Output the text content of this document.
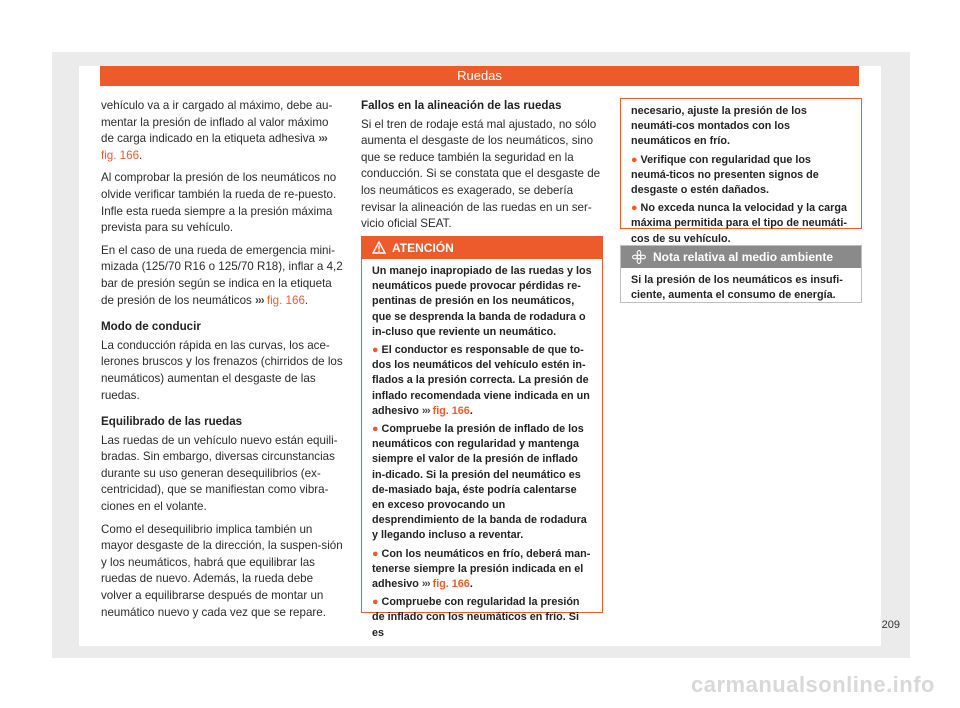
Ruedas

vehículo va a ir cargado al máximo, debe au-mentar la presión de inflado al valor máximo de carga indicado en la etiqueta adhesiva ››› fig. 166.

Al comprobar la presión de los neumáticos no olvide verificar también la rueda de re-puesto. Infle esta rueda siempre a la presión máxima prevista para su vehículo.

En el caso de una rueda de emergencia mini-mizada (125/70 R16 o 125/70 R18), inflar a 4,2 bar de presión según se indica en la etiqueta de presión de los neumáticos ››› fig. 166.

Modo de conducir

La conducción rápida en las curvas, los ace-lerones bruscos y los frenazos (chirridos de los neumáticos) aumentan el desgaste de las ruedas.

Equilibrado de las ruedas

Las ruedas de un vehículo nuevo están equili-bradas. Sin embargo, diversas circunstancias durante su uso generan desequilibrios (ex-centricidad), que se manifiestan como vibra-ciones en el volante.

Como el desequilibrio implica también un mayor desgaste de la dirección, la suspen-sión y los neumáticos, habrá que equilibrar las ruedas de nuevo. Además, la rueda debe volver a equilibrarse después de montar un neumático nuevo y cada vez que se repare.

Fallos en la alineación de las ruedas

Si el tren de rodaje está mal ajustado, no sólo aumenta el desgaste de los neumáticos, sino que se reduce también la seguridad en la conducción. Si se constata que el desgaste de los neumáticos es exagerado, se debería revisar la alineación de las ruedas en un ser-vicio oficial SEAT.

ATENCIÓN

Un manejo inapropiado de las ruedas y los neumáticos puede provocar pérdidas re-pentinas de presión en los neumáticos, que se desprenda la banda de rodadura o in-cluso que reviente un neumático.

● El conductor es responsable de que to-dos los neumáticos del vehículo estén in-flados a la presión correcta. La presión de inflado recomendada viene indicada en un adhesivo ››› fig. 166.

● Compruebe la presión de inflado de los neumáticos con regularidad y mantenga siempre el valor de la presión de inflado in-dicado. Si la presión del neumático es de-masiado baja, éste podría calentarse en exceso provocando un desprendimiento de la banda de rodadura y llegando incluso a reventar.

● Con los neumáticos en frío, deberá man-tenerse siempre la presión indicada en el adhesivo ››› fig. 166.

● Compruebe con regularidad la presión de inflado con los neumáticos en frío. Si es

necesario, ajuste la presión de los neumáti-cos montados con los neumáticos en frío.

● Verifique con regularidad que los neumá-ticos no presenten signos de desgaste o estén dañados.

● No exceda nunca la velocidad y la carga máxima permitida para el tipo de neumáti-cos de su vehículo.

Nota relativa al medio ambiente
Si la presión de los neumáticos es insufi-ciente, aumenta el consumo de energía.
209
carmanualsonline.info
